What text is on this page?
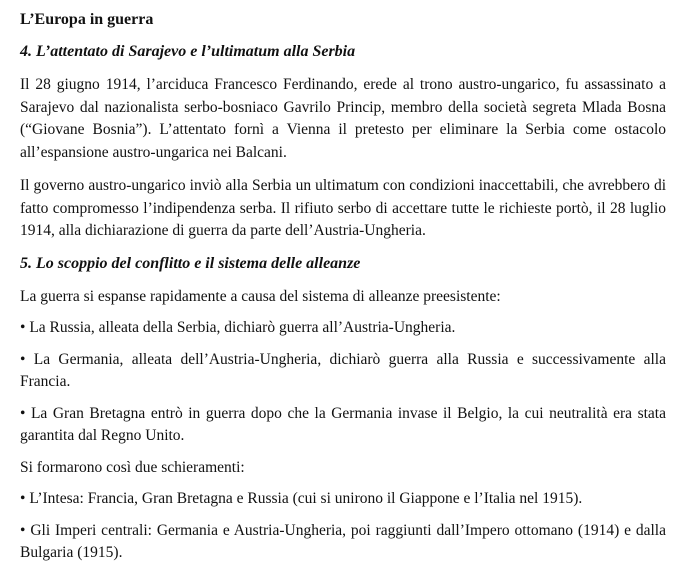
L’Europa in guerra
4. L’attentato di Sarajevo e l’ultimatum alla Serbia

Il 28 giugno 1914, l’arciduca Francesco Ferdinando, erede al trono austro-ungarico, fu assassinato a Sarajevo dal nazionalista serbo-bosniaco Gavrilo Princip, membro della società segreta Mlada Bosna (“Giovane Bosnia”). L’attentato fornì a Vienna il pretesto per eliminare la Serbia come ostacolo all’espansione austro-ungarica nei Balcani.

Il governo austro-ungarico inviò alla Serbia un ultimatum con condizioni inaccettabili, che avrebbero di fatto compromesso l’indipendenza serba. Il rifiuto serbo di accettare tutte le richieste portò, il 28 luglio 1914, alla dichiarazione di guerra da parte dell’Austria-Ungheria.

5. Lo scoppio del conflitto e il sistema delle alleanze

La guerra si espanse rapidamente a causa del sistema di alleanze preesistente:

• La Russia, alleata della Serbia, dichiarò guerra all’Austria-Ungheria.

• La Germania, alleata dell’Austria-Ungheria, dichiarò guerra alla Russia e successivamente alla Francia.

• La Gran Bretagna entrò in guerra dopo che la Germania invase il Belgio, la cui neutralità era stata garantita dal Regno Unito.

Si formarono così due schieramenti:

• L’Intesa: Francia, Gran Bretagna e Russia (cui si unirono il Giappone e l’Italia nel 1915).

• Gli Imperi centrali: Germania e Austria-Ungheria, poi raggiunti dall’Impero ottomano (1914) e dalla Bulgaria (1915).
